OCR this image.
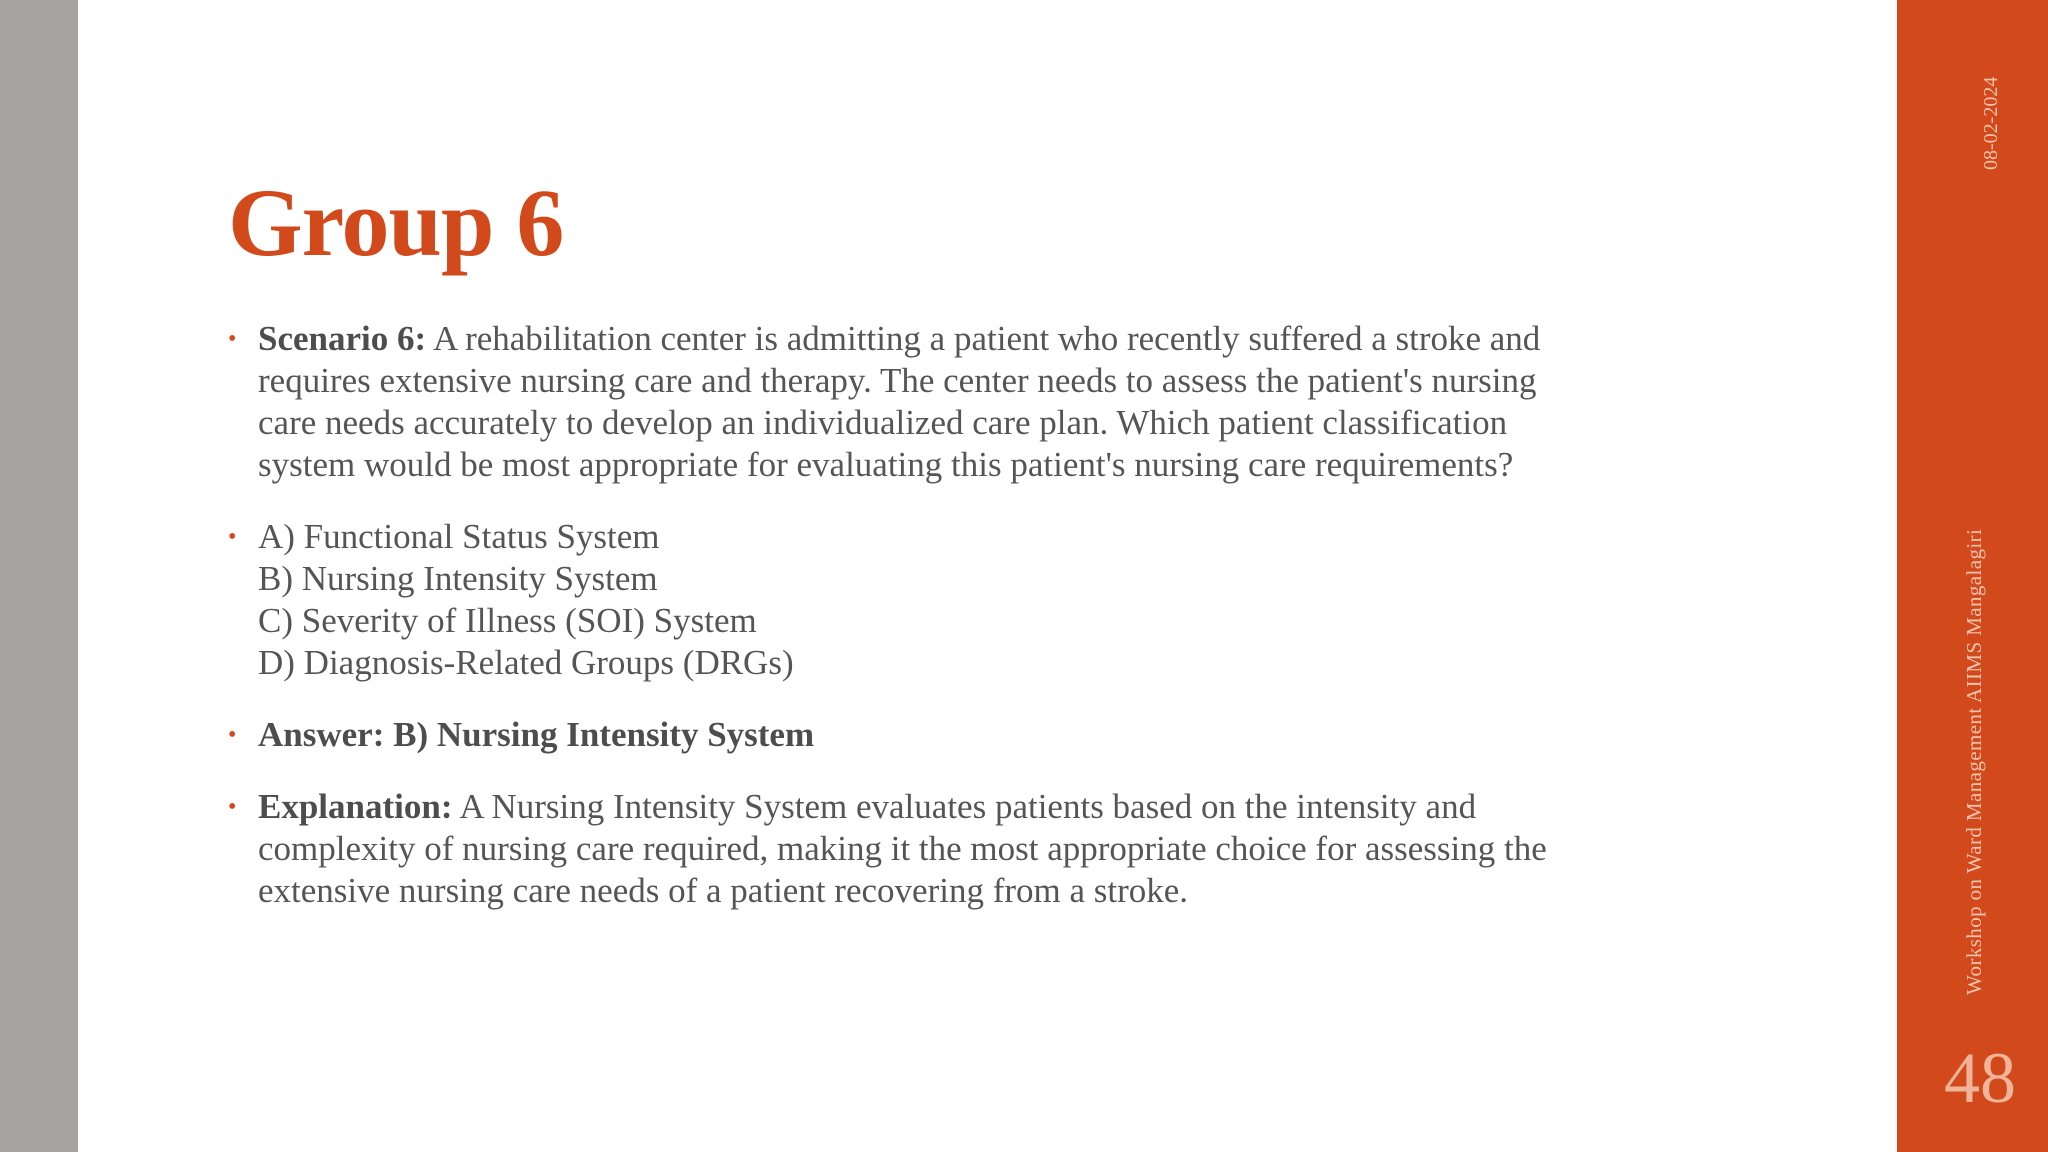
08-02-2024
Workshop on Ward Management AIIMS Mangalagiri
48
Group 6
• Scenario 6: A rehabilitation center is admitting a patient who recently suffered a stroke and
requires extensive nursing care and therapy. The center needs to assess the patient's nursing
care needs accurately to develop an individualized care plan. Which patient classification
system would be most appropriate for evaluating this patient's nursing care requirements?
• A) Functional Status System
B) Nursing Intensity System
C) Severity of Illness (SOI) System
D) Diagnosis-Related Groups (DRGs)
• Answer: B) Nursing Intensity System
• Explanation: A Nursing Intensity System evaluates patients based on the intensity and
complexity of nursing care required, making it the most appropriate choice for assessing the
extensive nursing care needs of a patient recovering from a stroke.
